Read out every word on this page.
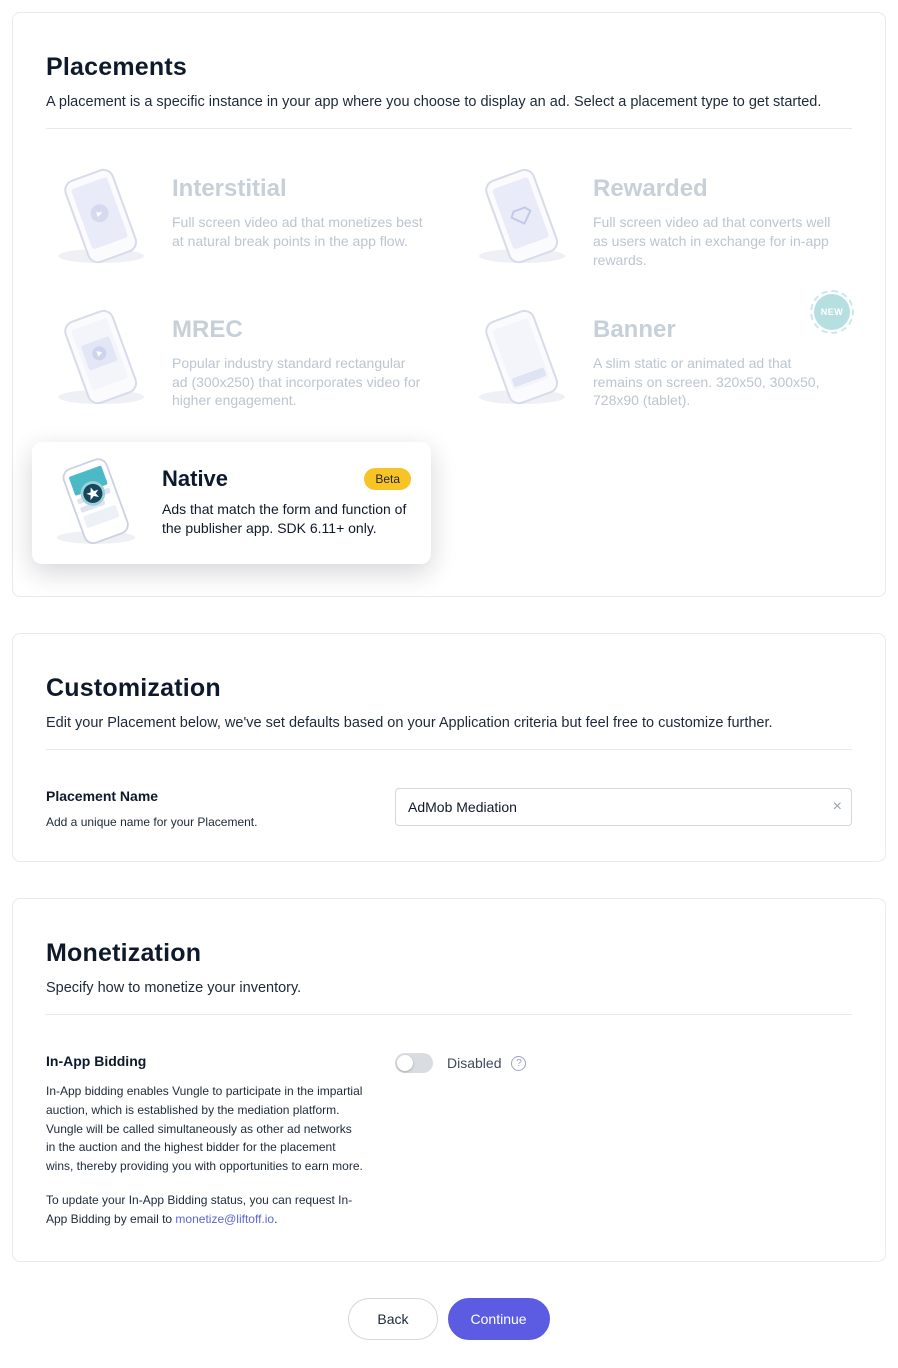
Placements

A placement is a specific instance in your app where you choose to display an ad. Select a placement type to get started.

Interstitial

Full screen video ad that monetizes best at natural break points in the app flow.

Rewarded

Full screen video ad that converts well as users watch in exchange for in-app rewards.

MREC

Popular industry standard rectangular ad (300x250) that incorporates video for higher engagement.

Banner

A slim static or animated ad that remains on screen. 320x50, 300x50, 728x90 (tablet).

NEW
Native	Beta

Ads that match the form and function of the publisher app. SDK 6.11+ only.

Customization

Edit your Placement below, we've set defaults based on your Application criteria but feel free to customize further.

Placement Name
Add a unique name for your Placement.
AdMob Mediation
×
Monetization

Specify how to monetize your inventory.

In-App Bidding

In-App bidding enables Vungle to participate in the impartial auction, which is established by the mediation platform. Vungle will be called simultaneously as other ad networks in the auction and the highest bidder for the placement wins, thereby providing you with opportunities to earn more.

To update your In-App Bidding status, you can request In-App Bidding by email to monetize@liftoff.io.

Disabled	?
Back	Continue
